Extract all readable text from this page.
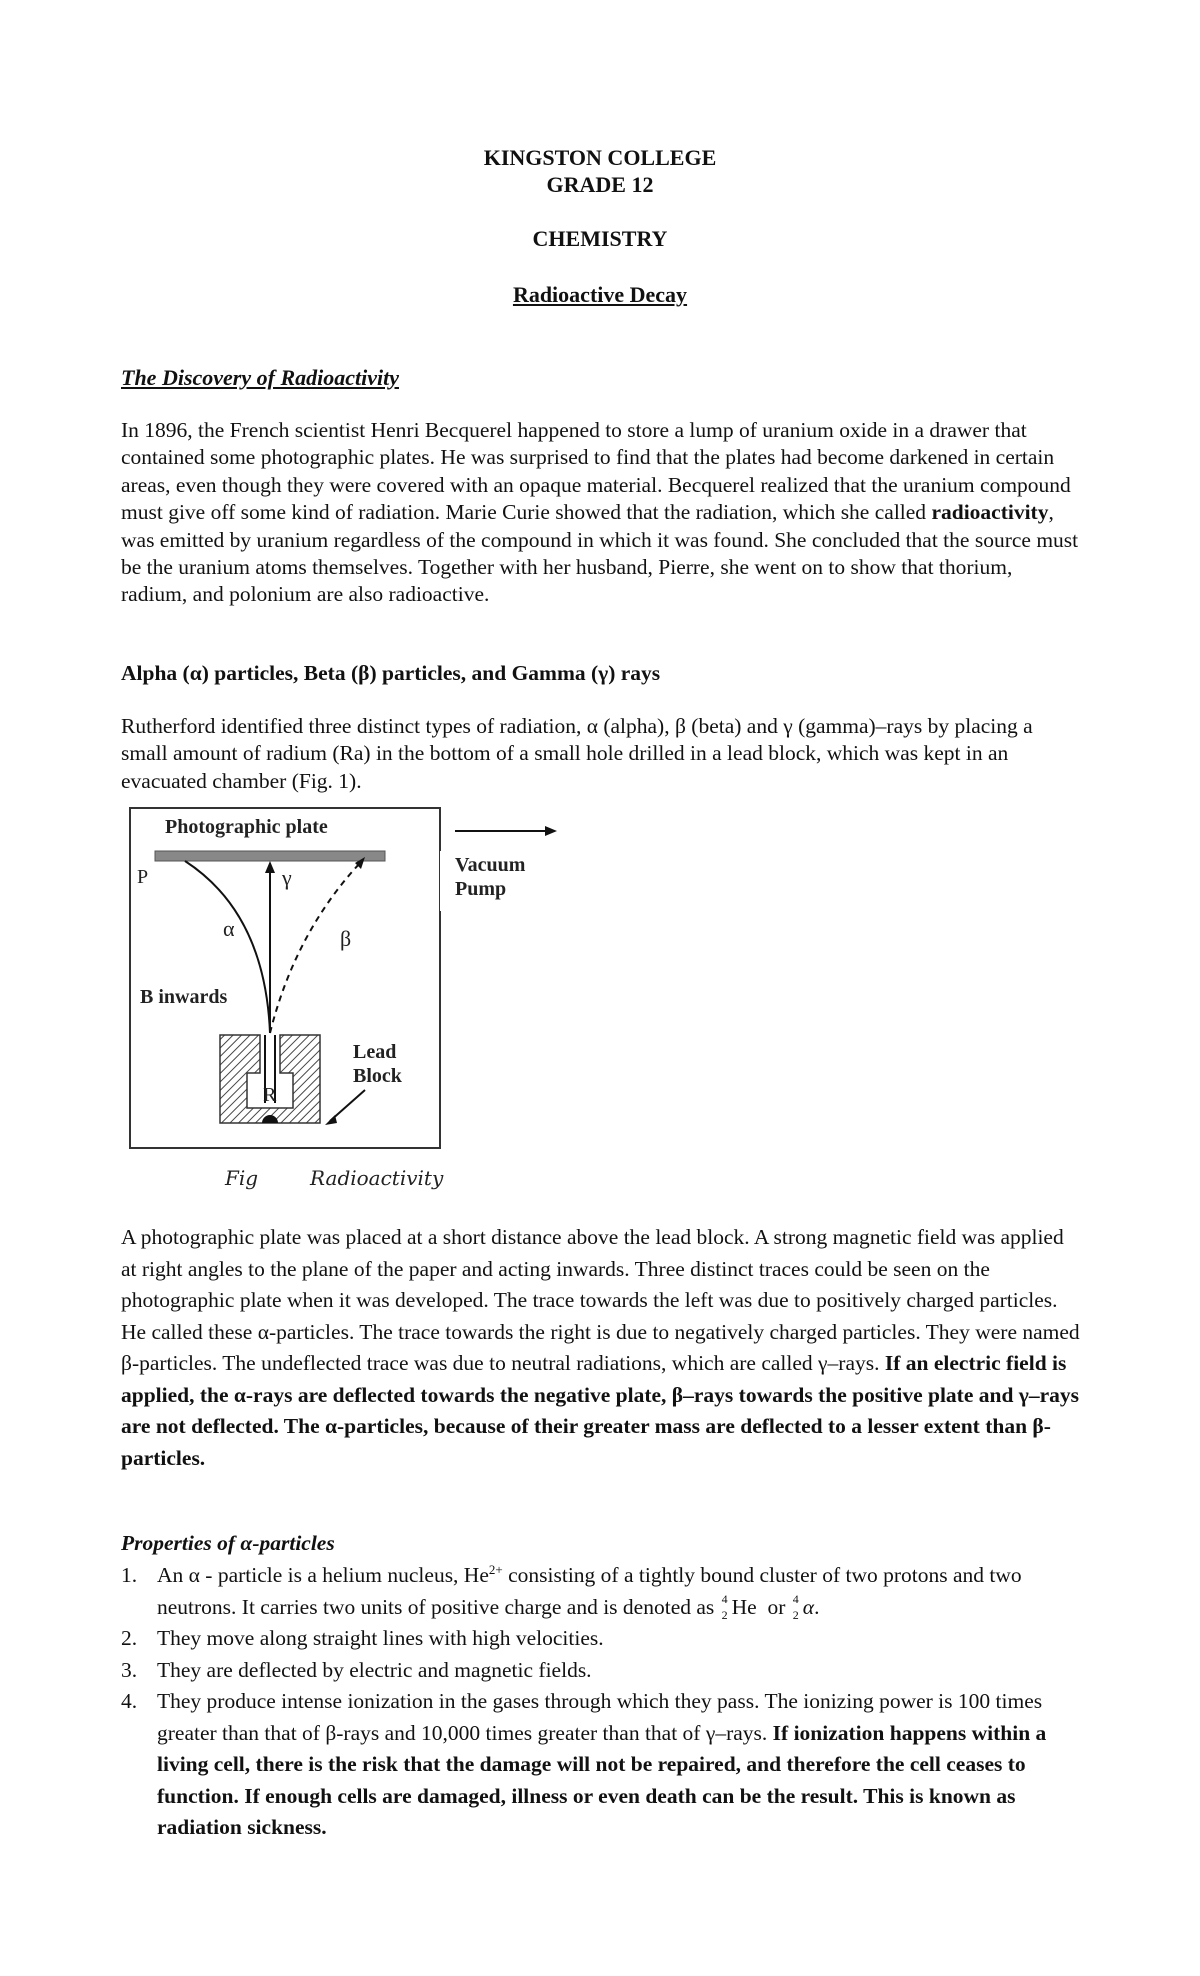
KINGSTON COLLEGE
GRADE 12
CHEMISTRY
Radioactive Decay
The Discovery of Radioactivity

In 1896, the French scientist Henri Becquerel happened to store a lump of uranium oxide in a drawer that contained some photographic plates. He was surprised to find that the plates had become darkened in certain areas, even though they were covered with an opaque material. Becquerel realized that the uranium compound must give off some kind of radiation. Marie Curie showed that the radiation, which she called radioactivity, was emitted by uranium regardless of the compound in which it was found. She concluded that the source must be the uranium atoms themselves. Together with her husband, Pierre, she went on to show that thorium, radium, and polonium are also radioactive.

Alpha (α) particles, Beta (β) particles, and Gamma (γ) rays

Rutherford identified three distinct types of radiation, α (alpha), β (beta) and γ (gamma)–rays by placing a small amount of radium (Ra) in the bottom of a small hole drilled in a lead block, which was kept in an evacuated chamber (Fig. 1).

Photographic plate
Vacuum
Pump
P	γ
α	β
B inwards
R
Lead
Block
Fig	Radioactivity

A photographic plate was placed at a short distance above the lead block. A strong magnetic field was applied at right angles to the plane of the paper and acting inwards. Three distinct traces could be seen on the photographic plate when it was developed. The trace towards the left was due to positively charged particles. He called these α-particles. The trace towards the right is due to negatively charged particles. They were named β-particles. The undeflected trace was due to neutral radiations, which are called γ–rays. If an electric field is applied, the α-rays are deflected towards the negative plate, β–rays towards the positive plate and γ–rays are not deflected. The α-particles, because of their greater mass are deflected to a lesser extent than β-particles.

Properties of α-particles
1. An α - particle is a helium nucleus, $He^{2+}$ consisting of a tightly bound cluster of two protons and two neutrons. It carries two units of positive charge and is denoted as 4
2 He  or 4
2 α.
2. They move along straight lines with high velocities.
3. They are deflected by electric and magnetic fields.
4. They produce intense ionization in the gases through which they pass. The ionizing power is 100 times greater than that of β-rays and 10,000 times greater than that of γ–rays. If ionization happens within a living cell, there is the risk that the damage will not be repaired, and therefore the cell ceases to function. If enough cells are damaged, illness or even death can be the result. This is known as radiation sickness.
